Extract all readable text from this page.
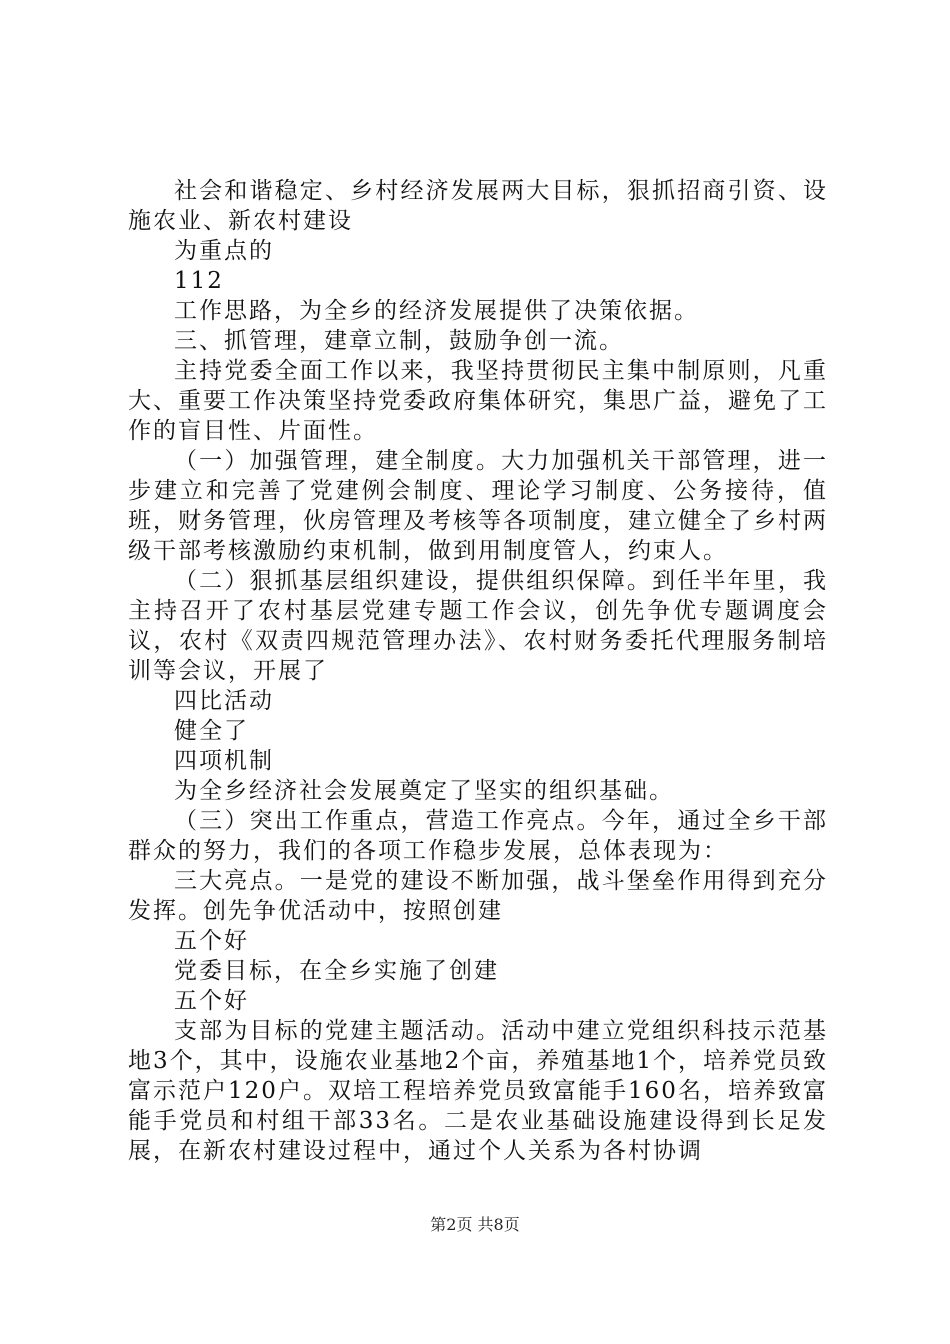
社会和谐稳定、乡村经济发展两大目标，狠抓招商引资、设施农业、新农村建设

为重点的

112

工作思路，为全乡的经济发展提供了决策依据。

三、抓管理，建章立制，鼓励争创一流。

主持党委全面工作以来，我坚持贯彻民主集中制原则，凡重大、重要工作决策坚持党委政府集体研究，集思广益，避免了工作的盲目性、片面性。

（一）加强管理，建全制度。大力加强机关干部管理，进一步建立和完善了党建例会制度、理论学习制度、公务接待，值班，财务管理，伙房管理及考核等各项制度，建立健全了乡村两级干部考核激励约束机制，做到用制度管人，约束人。

（二）狠抓基层组织建设，提供组织保障。到任半年里，我主持召开了农村基层党建专题工作会议，创先争优专题调度会议，农村《双责四规范管理办法》、农村财务委托代理服务制培训等会议，开展了

四比活动

健全了

四项机制

为全乡经济社会发展奠定了坚实的组织基础。

（三）突出工作重点，营造工作亮点。今年，通过全乡干部群众的努力，我们的各项工作稳步发展，总体表现为：

三大亮点。一是党的建设不断加强，战斗堡垒作用得到充分发挥。创先争优活动中，按照创建

五个好

党委目标，在全乡实施了创建

五个好

支部为目标的党建主题活动。活动中建立党组织科技示范基地3个，其中，设施农业基地2个亩，养殖基地1个，培养党员致富示范户120户。双培工程培养党员致富能手160名，培养致富能手党员和村组干部33名。二是农业基础设施建设得到长足发展，在新农村建设过程中，通过个人关系为各村协调

第2页 共8页
